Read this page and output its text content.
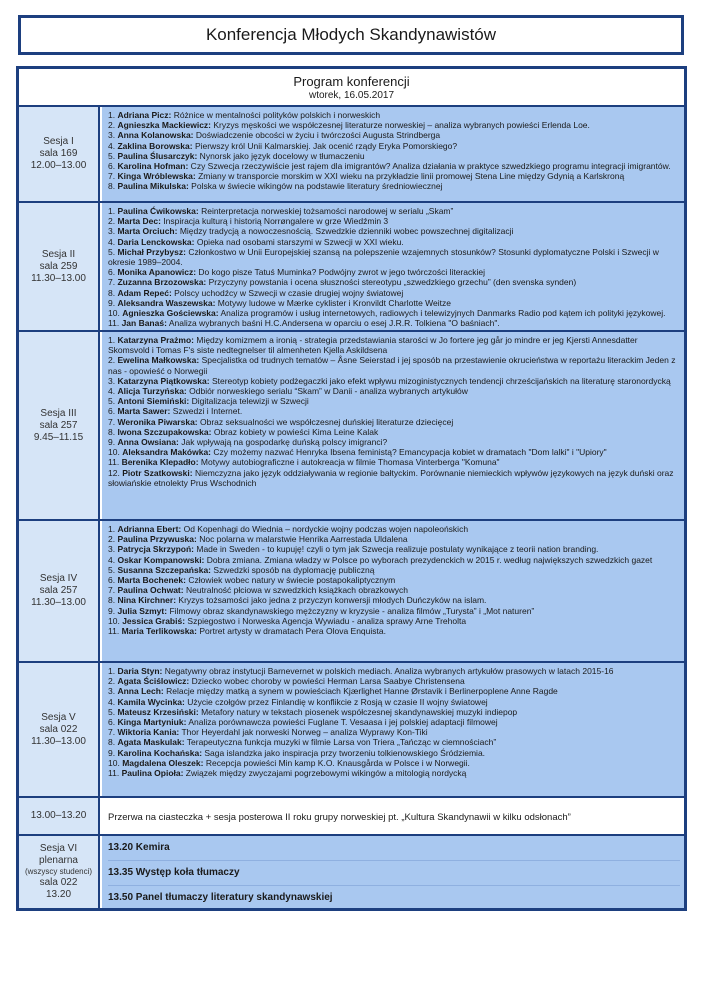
Konferencja Młodych Skandynawistów
Program konferencji
wtorek, 16.05.2017
Sesja I
sala 169
12.00–13.00
1. Adriana Picz: Różnice w mentalności polityków polskich i norweskich
2. Agnieszka Mackiewicz: Kryzys męskości we współczesnej literaturze norweskiej – analiza wybranych powieści Erlenda Loe.
3. Anna Kolanowska: Doświadczenie obcości w życiu i twórczości Augusta Strindberga
4. Zaklina Borowska: Pierwszy król Unii Kalmarskiej. Jak ocenić rządy Eryka Pomorskiego?
5. Paulina Ślusarczyk: Nynorsk jako język docelowy w tłumaczeniu
6. Karolina Hofman: Czy Szwecja rzeczywiście jest rajem dla imigrantów? Analiza działania w praktyce szwedzkiego programu integracji imigrantów.
7. Kinga Wróblewska: Zmiany w transporcie morskim w XXI wieku na przykładzie linii promowej Stena Line między Gdynią a Karlskroną
8. Paulina Mikulska: Polska w świecie wikingów na podstawie literatury średniowiecznej
Sesja II
sala 259
11.30–13.00
1. Paulina Ćwikowska: Reinterpretacja norweskiej tożsamości narodowej w serialu „Skam”
2. Marta Dec: Inspiracja kulturą i historią Norrøngalere w grze Wiedźmin 3
3. Marta Orciuch: Między tradycją a nowoczesnością. Szwedzkie dzienniki wobec powszechnej digitalizacji
4. Daria Lenckowska: Opieka nad osobami starszymi w Szwecji w XXI wieku.
5. Michał Przybysz: Członkostwo w Unii Europejskiej szansą na polepszenie wzajemnych stosunków? Stosunki dyplomatyczne Polski i Szwecji w okresie 1989–2004.
6. Monika Apanowicz: Do kogo pisze Tatuś Muminka? Podwójny zwrot w jego twórczości literackiej
7. Zuzanna Brzozowska: Przyczyny powstania i ocena słuszności stereotypu „szwedzkiego grzechu” (den svenska synden)
8. Adam Repeć: Polscy uchodźcy w Szwecji w czasie drugiej wojny światowej
9. Aleksandra Waszewska: Motywy ludowe w Mærke cyklister i Kronvildt Charlotte Weitze
10. Agnieszka Gościewska: Analiza programów i usług internetowych, radiowych i telewizyjnych Danmarks Radio pod kątem ich polityki językowej.
11. Jan Banaś: Analiza wybranych baśni H.C.Andersena w oparciu o esej J.R.R. Tolkiena "O baśniach".
Sesja III
sala 257
9.45–11.15
1. Katarzyna Prażmo: Między komizmem a ironią - strategia przedstawiania starości w Jo fortere jeg går jo mindre er jeg Kjersti Annesdatter Skomsvold i Tomas F's siste nedtegnelser til almenheten Kjella Askildsena
2. Ewelina Małkowska: Specjalistka od trudnych tematów – Åsne Seierstad i jej sposób na przestawienie okrucieństwa w reportażu literackim Jeden z nas - opowieść o Norwegii
3. Katarzyna Piątkowska: Stereotyp kobiety podżegaczki jako efekt wpływu mizoginistycznych tendencji chrześcijańskich na literaturę staronordycką
4. Alicja Turzyńska: Odbiór norweskiego serialu “Skam” w Danii - analiza wybranych artykułów
5. Antoni Siemiński: Digitalizacja telewizji w Szwecji
6. Marta Sawer: Szwedzi i Internet.
7. Weronika Piwarska: Obraz seksualności we współczesnej duńskiej literaturze dziecięcej
8. Iwona Szczupakowska: Obraz kobiety w powieści Kima Leine Kalak
9. Anna Owsiana: Jak wpływają na gospodarkę duńską polscy imigranci?
10. Aleksandra Makówka: Czy możemy nazwać Henryka Ibsena feministą? Emancypacja kobiet w dramatach "Dom lalki" i "Upiory"
11. Berenika Klepadło: Motywy autobiograficzne i autokreacja w filmie Thomasa Vinterberga "Komuna"
12. Piotr Szatkowski: Niemczyzna jako język oddziaływania w regionie bałtyckim. Porównanie niemieckich wpływów językowych na język duński oraz słowiańskie etnolekty Prus Wschodnich
Sesja IV
sala 257
11.30–13.00
1. Adrianna Ebert: Od Kopenhagi do Wiednia – nordyckie wojny podczas wojen napoleońskich
2. Paulina Przywuska: Noc polarna w malarstwie Henrika Aarrestada Uldalena
3. Patrycja Skrzypoń: Made in Sweden - to kupuję! czyli o tym jak Szwecja realizuje postulaty wynikające z teorii nation branding.
4. Oskar Kompanowski: Dobra zmiana. Zmiana władzy w Polsce po wyborach prezydenckich w 2015 r. według największych szwedzkich gazet
5. Susanna Szczepańska: Szwedzki sposób na dyplomację publiczną
6. Marta Bochenek: Człowiek wobec natury w świecie postapokaliptycznym
7. Paulina Ochwat: Neutralność płciowa w szwedzkich książkach obrazkowych
8. Nina Kirchner: Kryzys tożsamości jako jedna z przyczyn konwersji młodych Duńczyków na islam.
9. Julia Szmyt: Filmowy obraz skandynawskiego mężczyzny w kryzysie - analiza filmów „Turysta” i „Mot naturen”
10. Jessica Grabiś: Szpiegostwo i Norweska Agencja Wywiadu - analiza sprawy Arne Treholta
11. Maria Terlikowska: Portret artysty w dramatach Pera Olova Enquista.
Sesja V
sala 022
11.30–13.00
1. Daria Styn: Negatywny obraz instytucji Barnevernet w polskich mediach. Analiza wybranych artykułów prasowych w latach 2015-16
2. Agata Ściślowicz: Dziecko wobec choroby w powieści Herman Larsa Saabye Christensena
3. Anna Lech: Relacje między matką a synem w powieściach Kjærlighet Hanne Ørstavik i Berlinerpoplene Anne Ragde
4. Kamila Wycinka: Użycie czołgów przez Finlandię w konflikcie z Rosją w czasie II wojny światowej
5. Mateusz Krzesiński: Metafory natury w tekstach piosenek współczesnej skandynawskiej muzyki indiepop
6. Kinga Martyniuk: Analiza porównawcza powieści Fuglane T. Vesaasa i jej polskiej adaptacji filmowej
7. Wiktoria Kania: Thor Heyerdahl jak norweski Norweg – analiza Wyprawy Kon-Tiki
8. Agata Maskulak: Terapeutyczna funkcja muzyki w filmie Larsa von Triera „Tańcząc w ciemnościach”
9. Karolina Kochańska: Saga islandzka jako inspiracja przy tworzeniu tolkienowskiego Śródziemia.
10. Magdalena Oleszek: Recepcja powieści Min kamp K.O. Knausgårda w Polsce i w Norwegii.
11. Paulina Opioła: Związek między zwyczajami pogrzebowymi wikingów a mitologią nordycką
13.00–13.20 Przerwa na ciasteczka + sesja posterowa II roku grupy norweskiej pt. „Kultura Skandynawii w kilku odsłonach”
Sesja VI
plenarna
(wszyscy studenci)
sala 022
13.20
13.20 Kemira
13.35 Występ koła tłumaczy
13.50 Panel tłumaczy literatury skandynawskiej
